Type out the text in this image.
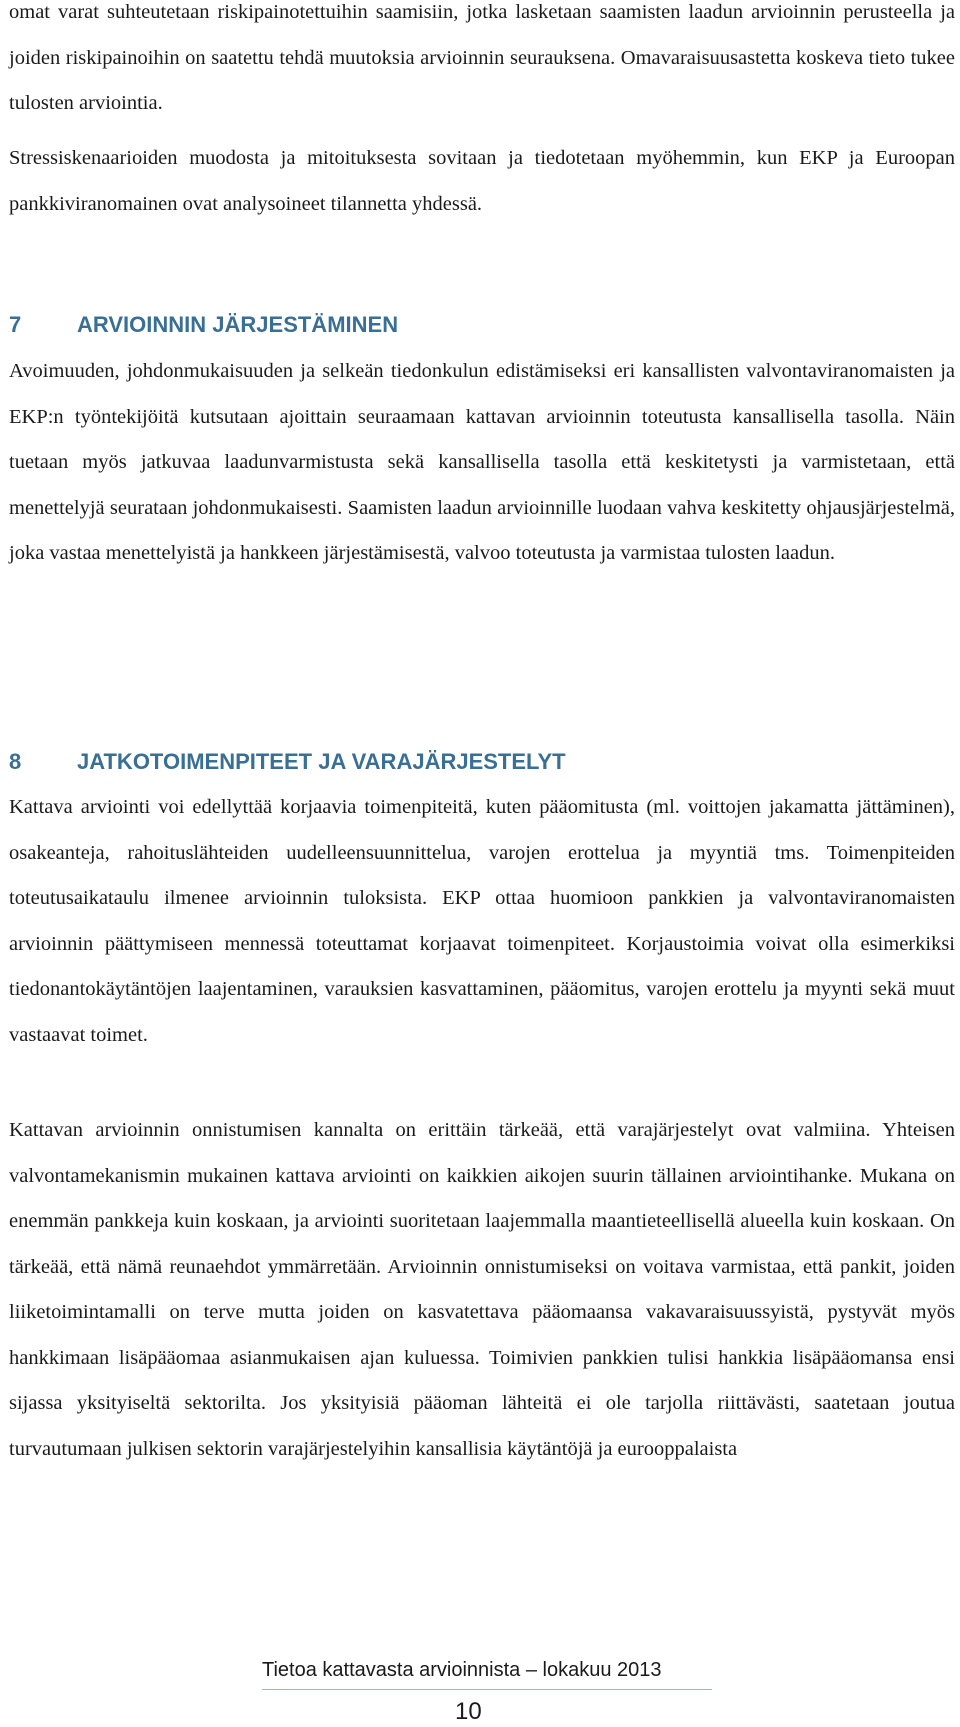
omat varat suhteutetaan riskipainotettuihin saamisiin, jotka lasketaan saamisten laadun arvioinnin perusteella ja joiden riskipainoihin on saatettu tehdä muutoksia arvioinnin seurauksena. Omavaraisuusastetta koskeva tieto tukee tulosten arviointia.

Stressiskenaarioiden muodosta ja mitoituksesta sovitaan ja tiedotetaan myöhemmin, kun EKP ja Euroopan pankkiviranomainen ovat analysoineet tilannetta yhdessä.

7	ARVIOINNIN JÄRJESTÄMINEN

Avoimuuden, johdonmukaisuuden ja selkeän tiedonkulun edistämiseksi eri kansallisten valvontaviranomaisten ja EKP:n työntekijöitä kutsutaan ajoittain seuraamaan kattavan arvioinnin toteutusta kansallisella tasolla. Näin tuetaan myös jatkuvaa laadunvarmistusta sekä kansallisella tasolla että keskitetysti ja varmistetaan, että menettelyjä seurataan johdonmukaisesti. Saamisten laadun arvioinnille luodaan vahva keskitetty ohjausjärjestelmä, joka vastaa menettelyistä ja hankkeen järjestämisestä, valvoo toteutusta ja varmistaa tulosten laadun.

8	JATKOTOIMENPITEET JA VARAJÄRJESTELYT

Kattava arviointi voi edellyttää korjaavia toimenpiteitä, kuten pääomitusta (ml. voittojen jakamatta jättäminen), osakeanteja, rahoituslähteiden uudelleensuunnittelua, varojen erottelua ja myyntiä tms. Toimenpiteiden toteutusaikataulu ilmenee arvioinnin tuloksista. EKP ottaa huomioon pankkien ja valvontaviranomaisten arvioinnin päättymiseen mennessä toteuttamat korjaavat toimenpiteet. Korjaustoimia voivat olla esimerkiksi tiedonantokäytäntöjen laajentaminen, varauksien kasvattaminen, pääomitus, varojen erottelu ja myynti sekä muut vastaavat toimet.

Kattavan arvioinnin onnistumisen kannalta on erittäin tärkeää, että varajärjestelyt ovat valmiina. Yhteisen valvontamekanismin mukainen kattava arviointi on kaikkien aikojen suurin tällainen arviointihanke. Mukana on enemmän pankkeja kuin koskaan, ja arviointi suoritetaan laajemmalla maantieteellisellä alueella kuin koskaan. On tärkeää, että nämä reunaehdot ymmärretään. Arvioinnin onnistumiseksi on voitava varmistaa, että pankit, joiden liiketoimintamalli on terve mutta joiden on kasvatettava pääomaansa vakavaraisuussyistä, pystyvät myös hankkimaan lisäpääomaa asianmukaisen ajan kuluessa. Toimivien pankkien tulisi hankkia lisäpääomansa ensi sijassa yksityiseltä sektorilta. Jos yksityisiä pääoman lähteitä ei ole tarjolla riittävästi, saatetaan joutua turvautumaan julkisen sektorin varajärjestelyihin kansallisia käytäntöjä ja eurooppalaista

Tietoa kattavasta arvioinnista – lokakuu 2013
10
